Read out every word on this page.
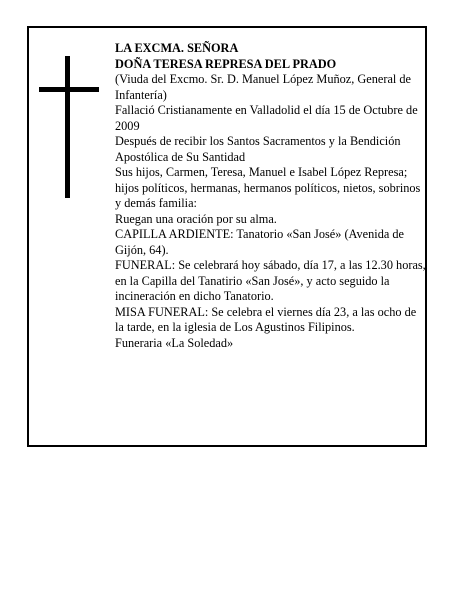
LA EXCMA. SEÑORA

DOÑA TERESA REPRESA DEL PRADO

(Viuda del Excmo. Sr. D. Manuel López Muñoz, General de Infantería)

Fallació Cristianamente en Valladolid el día 15 de Octubre de 2009

Después de recibir los Santos Sacramentos y la Bendición Apostólica de Su Santidad

Sus hijos, Carmen, Teresa, Manuel e Isabel López Represa; hijos políticos, hermanas, hermanos políticos, nietos, sobrinos y demás familia:

Ruegan una oración por su alma.

CAPILLA ARDIENTE: Tanatorio «San José» (Avenida de Gijón, 64).

FUNERAL: Se celebrará hoy sábado, día 17, a las 12.30 horas, en la Capilla del Tanatirio «San José», y acto seguido la incineración en dicho Tanatorio.

MISA FUNERAL: Se celebra el viernes día 23, a las ocho de la tarde, en la iglesia de Los Agustinos Filipinos.

Funeraria «La Soledad»
